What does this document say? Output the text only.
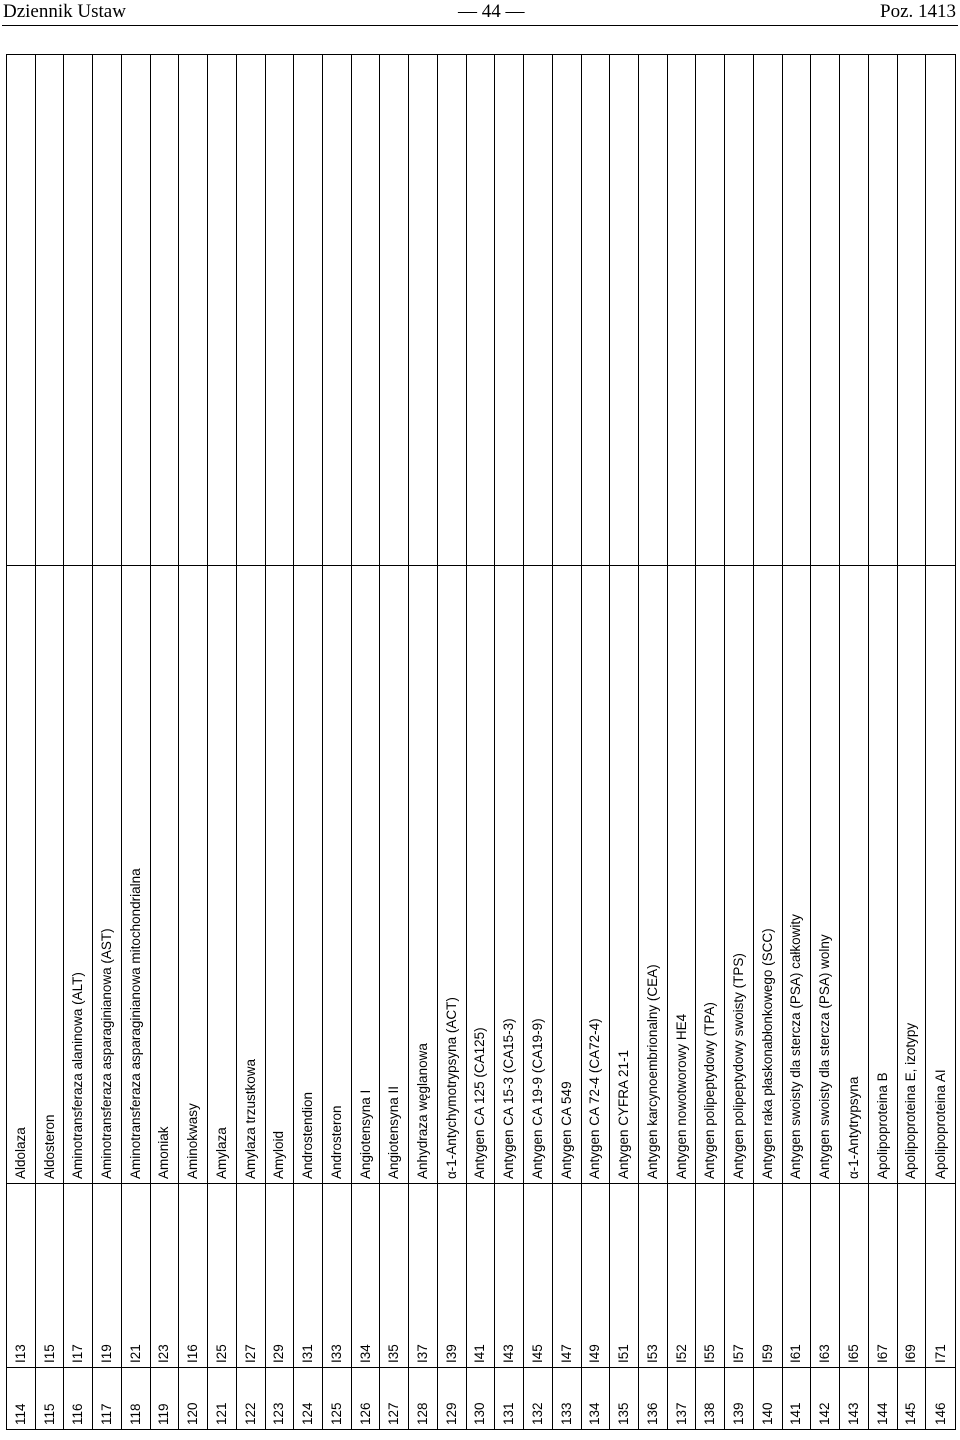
Dziennik Ustaw	— 44 —	Poz. 1413
114
I13
Aldolaza
115
I15
Aldosteron
116
I17
Aminotransferaza alaninowa (ALT)
117
I19
Aminotransferaza asparaginianowa (AST)
118
I21
Aminotransferaza asparaginianowa mitochondrialna
119
I23
Amoniak
120
I16
Aminokwasy
121
I25
Amylaza
122
I27
Amylaza trzustkowa
123
I29
Amyloid
124
I31
Androstendion
125
I33
Androsteron
126
I34
Angiotensyna I
127
I35
Angiotensyna II
128
I37
Anhydraza węglanowa
129
I39
α-1-Antychymotrypsyna (ACT)
130
I41
Antygen CA 125 (CA125)
131
I43
Antygen CA 15-3 (CA15-3)
132
I45
Antygen CA 19-9 (CA19-9)
133
I47
Antygen CA 549
134
I49
Antygen CA 72-4 (CA72-4)
135
I51
Antygen CYFRA 21-1
136
I53
Antygen karcynoembrionalny (CEA)
137
I52
Antygen nowotworowy HE4
138
I55
Antygen polipeptydowy (TPA)
139
I57
Antygen polipeptydowy swoisty (TPS)
140
I59
Antygen raka płaskonabłonkowego (SCC)
141
I61
Antygen swoisty dla stercza (PSA) całkowity
142
I63
Antygen swoisty dla stercza (PSA) wolny
143
I65
α-1-Antytrypsyna
144
I67
Apolipoproteina B
145
I69
Apolipoproteina E, izotypy
146
I71
Apolipoproteina AI
